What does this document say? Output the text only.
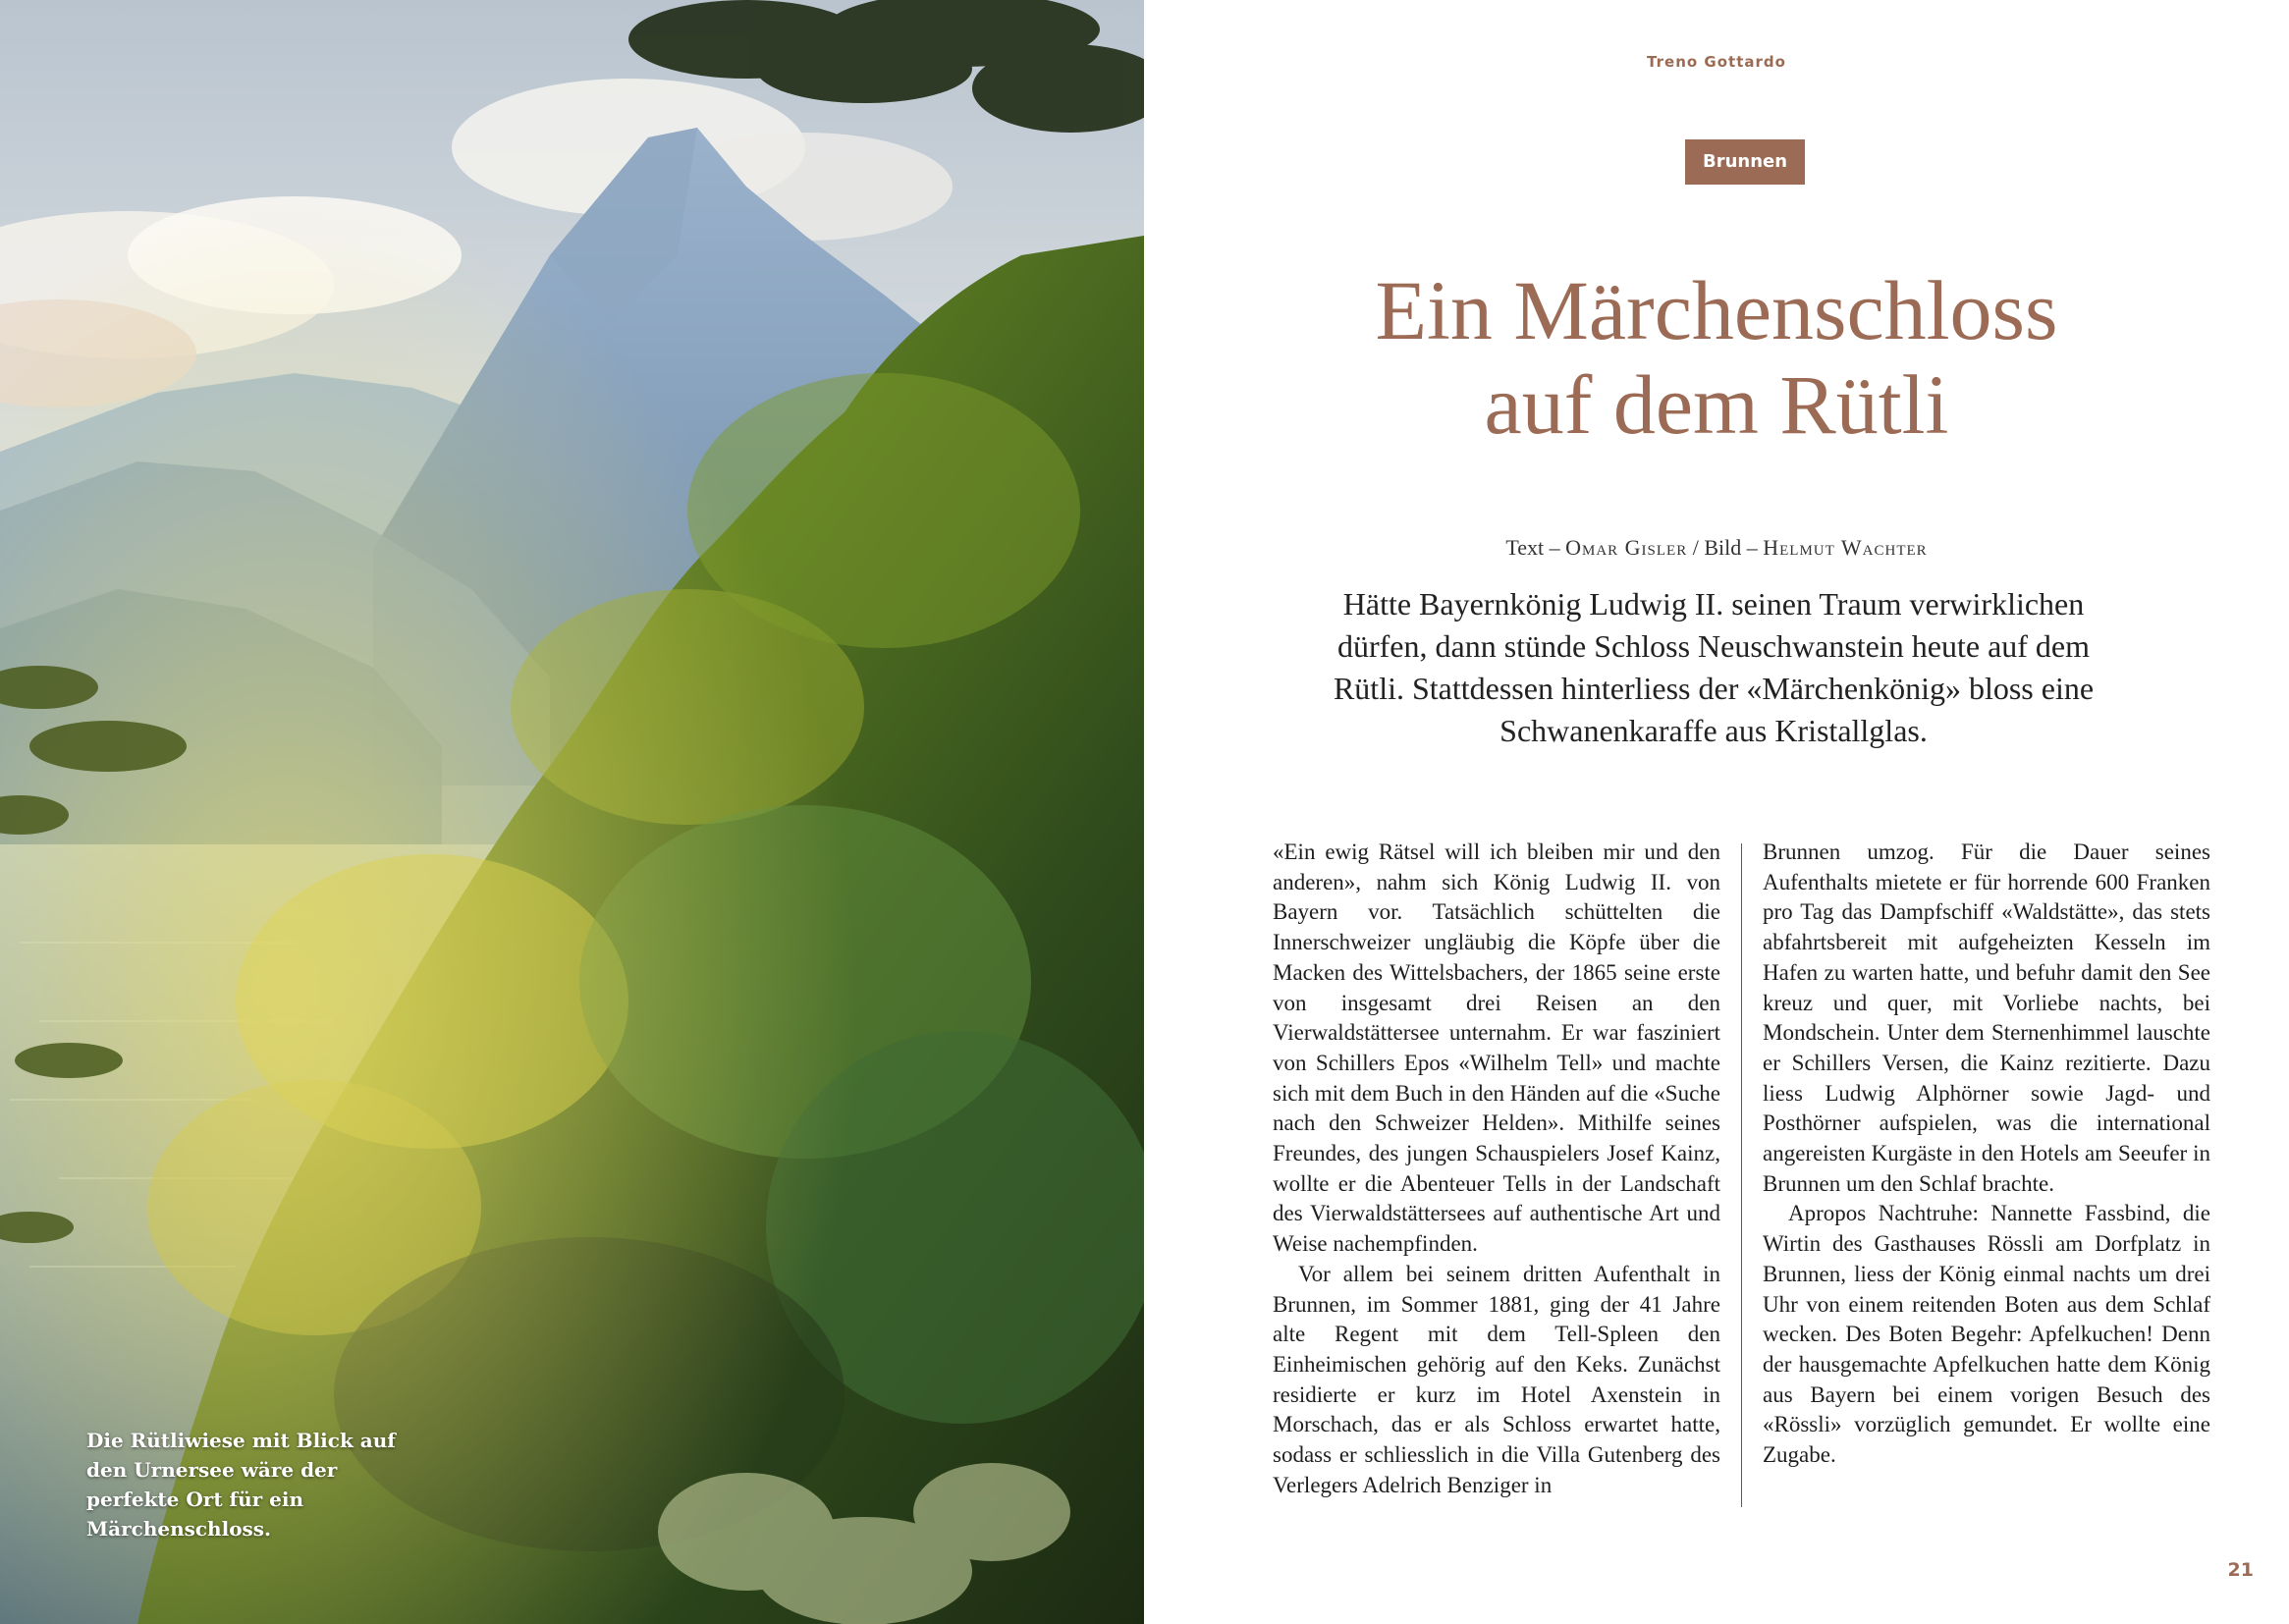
Die Rütliwiese mit Blick auf den Urnersee wäre der perfekte Ort für ein Märchenschloss.

Treno Gottardo
Brunnen
Ein Märchenschloss
auf dem Rütli
Text – Omar Gisler / Bild – Helmut Wachter

Hätte Bayernkönig Ludwig II. seinen Traum verwirklichen dürfen, dann stünde Schloss Neuschwanstein heute auf dem Rütli. Stattdessen hinterliess der «Märchenkönig» bloss eine Schwanenkaraffe aus Kristallglas.

«Ein ewig Rätsel will ich bleiben mir und den anderen», nahm sich König Ludwig II. von Bayern vor. Tatsächlich schüttelten die Innerschweizer ungläubig die Köpfe über die Macken des Wittelsbachers, der 1865 seine erste von insgesamt drei Reisen an den Vierwaldstättersee unternahm. Er war fasziniert von Schillers Epos «Wilhelm Tell» und machte sich mit dem Buch in den Händen auf die «Suche nach den Schweizer Helden». Mithilfe seines Freundes, des jungen Schauspielers Josef Kainz, wollte er die Abenteuer Tells in der Landschaft des Vierwaldstättersees auf authentische Art und Weise nachempfinden.

Vor allem bei seinem dritten Aufenthalt in Brunnen, im Sommer 1881, ging der 41 Jahre alte Regent mit dem Tell-Spleen den Einheimischen gehörig auf den Keks. Zunächst residierte er kurz im Hotel Axenstein in Morschach, das er als Schloss erwartet hatte, sodass er schliesslich in die Villa Gutenberg des Verlegers Adelrich Benziger in

Brunnen umzog. Für die Dauer seines Aufenthalts mietete er für horrende 600 Franken pro Tag das Dampfschiff «Waldstätte», das stets abfahrtsbereit mit aufgeheizten Kesseln im Hafen zu warten hatte, und befuhr damit den See kreuz und quer, mit Vorliebe nachts, bei Mondschein. Unter dem Sternenhimmel lauschte er Schillers Versen, die Kainz rezitierte. Dazu liess Ludwig Alphörner sowie Jagd- und Posthörner aufspielen, was die international angereisten Kurgäste in den Hotels am Seeufer in Brunnen um den Schlaf brachte.

Apropos Nachtruhe: Nannette Fassbind, die Wirtin des Gasthauses Rössli am Dorfplatz in Brunnen, liess der König einmal nachts um drei Uhr von einem reitenden Boten aus dem Schlaf wecken. Des Boten Begehr: Apfelkuchen! Denn der hausgemachte Apfelkuchen hatte dem König aus Bayern bei einem vorigen Besuch des «Rössli» vorzüglich gemundet. Er wollte eine Zugabe.

21
